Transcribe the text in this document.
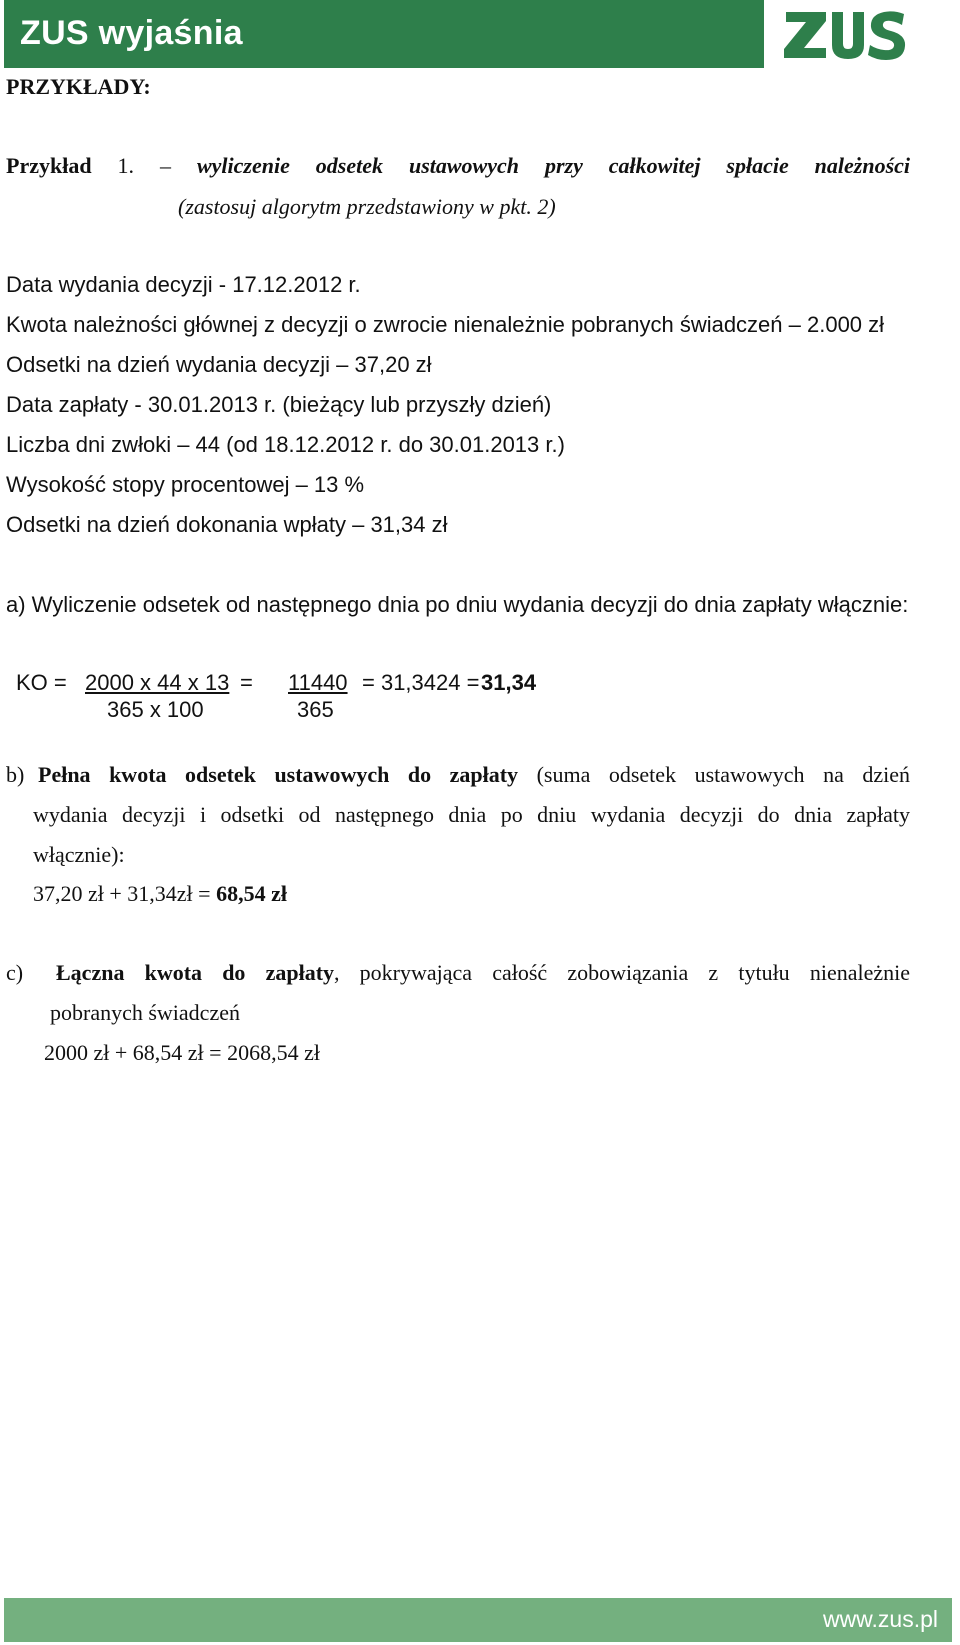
ZUS wyjaśnia
PRZYKŁADY:
Przykład 1. – wyliczenie odsetek ustawowych przy całkowitej spłacie należności
(zastosuj algorytm przedstawiony w pkt. 2)
Data wydania decyzji - 17.12.2012 r.
Kwota należności głównej z decyzji o zwrocie nienależnie pobranych świadczeń – 2.000 zł
Odsetki na dzień wydania decyzji – 37,20 zł
Data zapłaty - 30.01.2013 r. (bieżący lub przyszły dzień)
Liczba dni zwłoki – 44 (od 18.12.2012 r. do 30.01.2013 r.)
Wysokość stopy procentowej – 13 %
Odsetki na dzień dokonania wpłaty – 31,34 zł
a) Wyliczenie odsetek od następnego dnia po dniu wydania decyzji do dnia zapłaty włącznie:
KO = 2000 x 44 x 13 = 11440 = 31,3424 = 31,34
365 x 100	365
b) Pełna kwota odsetek ustawowych do zapłaty (suma odsetek ustawowych na dzień
wydania decyzji i odsetki od następnego dnia po dniu wydania decyzji do dnia zapłaty
włącznie):
37,20 zł + 31,34zł = 68,54 zł
c) Łączna kwota do zapłaty, pokrywająca całość zobowiązania z tytułu nienależnie
pobranych świadczeń
2000 zł + 68,54 zł = 2068,54 zł
www.zus.pl
